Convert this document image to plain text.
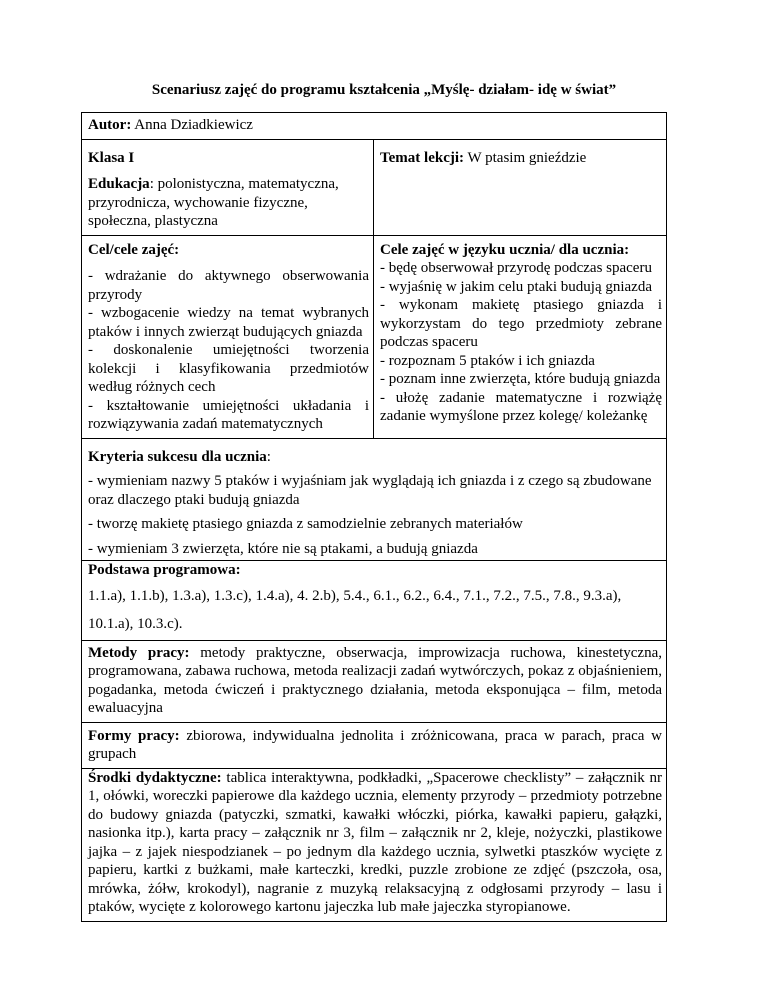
Scenariusz zajęć do programu kształcenia „Myślę- działam- idę w świat”
Autor: Anna Dziadkiewicz
Klasa I
Edukacja: polonistyczna, matematyczna, przyrodnicza, wychowanie fizyczne, społeczna, plastyczna
Temat lekcji: W ptasim gnieździe
Cel/cele zajęć:
- wdrażanie do aktywnego obserwowania przyrody
- wzbogacenie wiedzy na temat wybranych ptaków i innych zwierząt budujących gniazda
- doskonalenie umiejętności tworzenia kolekcji i klasyfikowania przedmiotów według różnych cech
- kształtowanie umiejętności układania i rozwiązywania zadań matematycznych
Cele zajęć w języku ucznia/ dla ucznia:
- będę obserwował przyrodę podczas spaceru
- wyjaśnię w jakim celu ptaki budują gniazda
- wykonam makietę ptasiego gniazda i wykorzystam do tego przedmioty zebrane podczas spaceru
- rozpoznam 5 ptaków i ich gniazda
- poznam inne zwierzęta, które budują gniazda
- ułożę zadanie matematyczne i rozwiążę zadanie wymyślone przez kolegę/ koleżankę
Kryteria sukcesu dla ucznia:

- wymieniam nazwy 5 ptaków i wyjaśniam jak wyglądają ich gniazda i z czego są zbudowane oraz dlaczego ptaki budują gniazda

- tworzę makietę ptasiego gniazda z samodzielnie zebranych materiałów

- wymieniam 3 zwierzęta, które nie są ptakami, a budują gniazda

Podstawa programowa:
1.1.a), 1.1.b), 1.3.a), 1.3.c), 1.4.a), 4. 2.b), 5.4., 6.1., 6.2., 6.4., 7.1., 7.2., 7.5., 7.8., 9.3.a),
10.1.a), 10.3.c).
Metody pracy: metody praktyczne, obserwacja, improwizacja ruchowa, kinestetyczna, programowana, zabawa ruchowa, metoda realizacji zadań wytwórczych, pokaz z objaśnieniem, pogadanka, metoda ćwiczeń i praktycznego działania, metoda eksponująca – film, metoda ewaluacyjna
Formy pracy: zbiorowa, indywidualna jednolita i zróżnicowana, praca w parach, praca w grupach
Środki dydaktyczne: tablica interaktywna, podkładki, „Spacerowe checklisty” – załącznik nr 1, ołówki, woreczki papierowe dla każdego ucznia, elementy przyrody – przedmioty potrzebne do budowy gniazda (patyczki, szmatki, kawałki włóczki, piórka, kawałki papieru, gałązki, nasionka itp.), karta pracy – załącznik nr 3, film – załącznik nr 2, kleje, nożyczki, plastikowe jajka – z jajek niespodzianek – po jednym dla każdego ucznia, sylwetki ptaszków wycięte z papieru, kartki z bużkami, małe karteczki, kredki, puzzle zrobione ze zdjęć (pszczoła, osa, mrówka, żółw, krokodyl), nagranie z muzyką relaksacyjną z odgłosami przyrody – lasu i ptaków, wycięte z kolorowego kartonu jajeczka lub małe jajeczka styropianowe.
